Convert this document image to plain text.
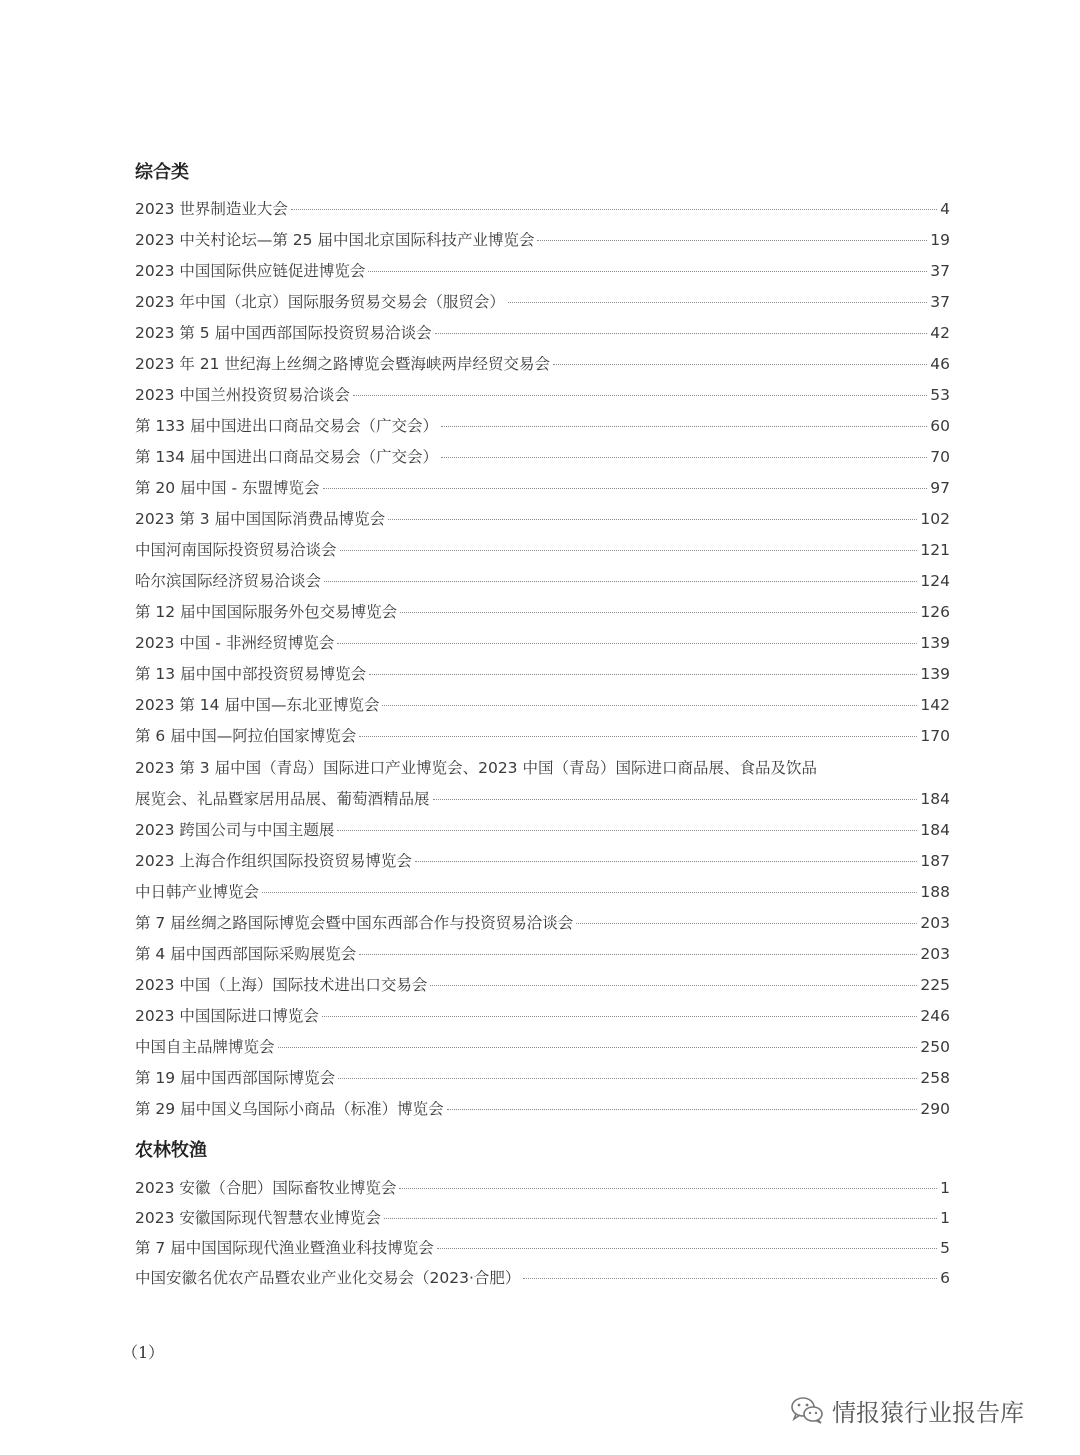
综合类
2023 世界制造业大会	4
2023 中关村论坛—第 25 届中国北京国际科技产业博览会	19
2023 中国国际供应链促进博览会	37
2023 年中国（北京）国际服务贸易交易会（服贸会）	37
2023 第 5 届中国西部国际投资贸易洽谈会	42
2023 年 21 世纪海上丝绸之路博览会暨海峡两岸经贸交易会	46
2023 中国兰州投资贸易洽谈会	53
第 133 届中国进出口商品交易会（广交会）	60
第 134 届中国进出口商品交易会（广交会）	70
第 20 届中国 - 东盟博览会	97
2023 第 3 届中国国际消费品博览会	102
中国河南国际投资贸易洽谈会	121
哈尔滨国际经济贸易洽谈会	124
第 12 届中国国际服务外包交易博览会	126
2023 中国 - 非洲经贸博览会	139
第 13 届中国中部投资贸易博览会	139
2023 第 14 届中国—东北亚博览会	142
第 6 届中国—阿拉伯国家博览会	170
2023 第 3 届中国（青岛）国际进口产业博览会、2023 中国（青岛）国际进口商品展、食品及饮品
展览会、礼品暨家居用品展、葡萄酒精品展	184
2023 跨国公司与中国主题展	184
2023 上海合作组织国际投资贸易博览会	187
中日韩产业博览会	188
第 7 届丝绸之路国际博览会暨中国东西部合作与投资贸易洽谈会	203
第 4 届中国西部国际采购展览会	203
2023 中国（上海）国际技术进出口交易会	225
2023 中国国际进口博览会	246
中国自主品牌博览会	250
第 19 届中国西部国际博览会	258
第 29 届中国义乌国际小商品（标准）博览会	290
农林牧渔
2023 安徽（合肥）国际畜牧业博览会	1
2023 安徽国际现代智慧农业博览会	1
第 7 届中国国际现代渔业暨渔业科技博览会	5
中国安徽名优农产品暨农业产业化交易会（2023·合肥）	6
（1）
情报猿行业报告库
